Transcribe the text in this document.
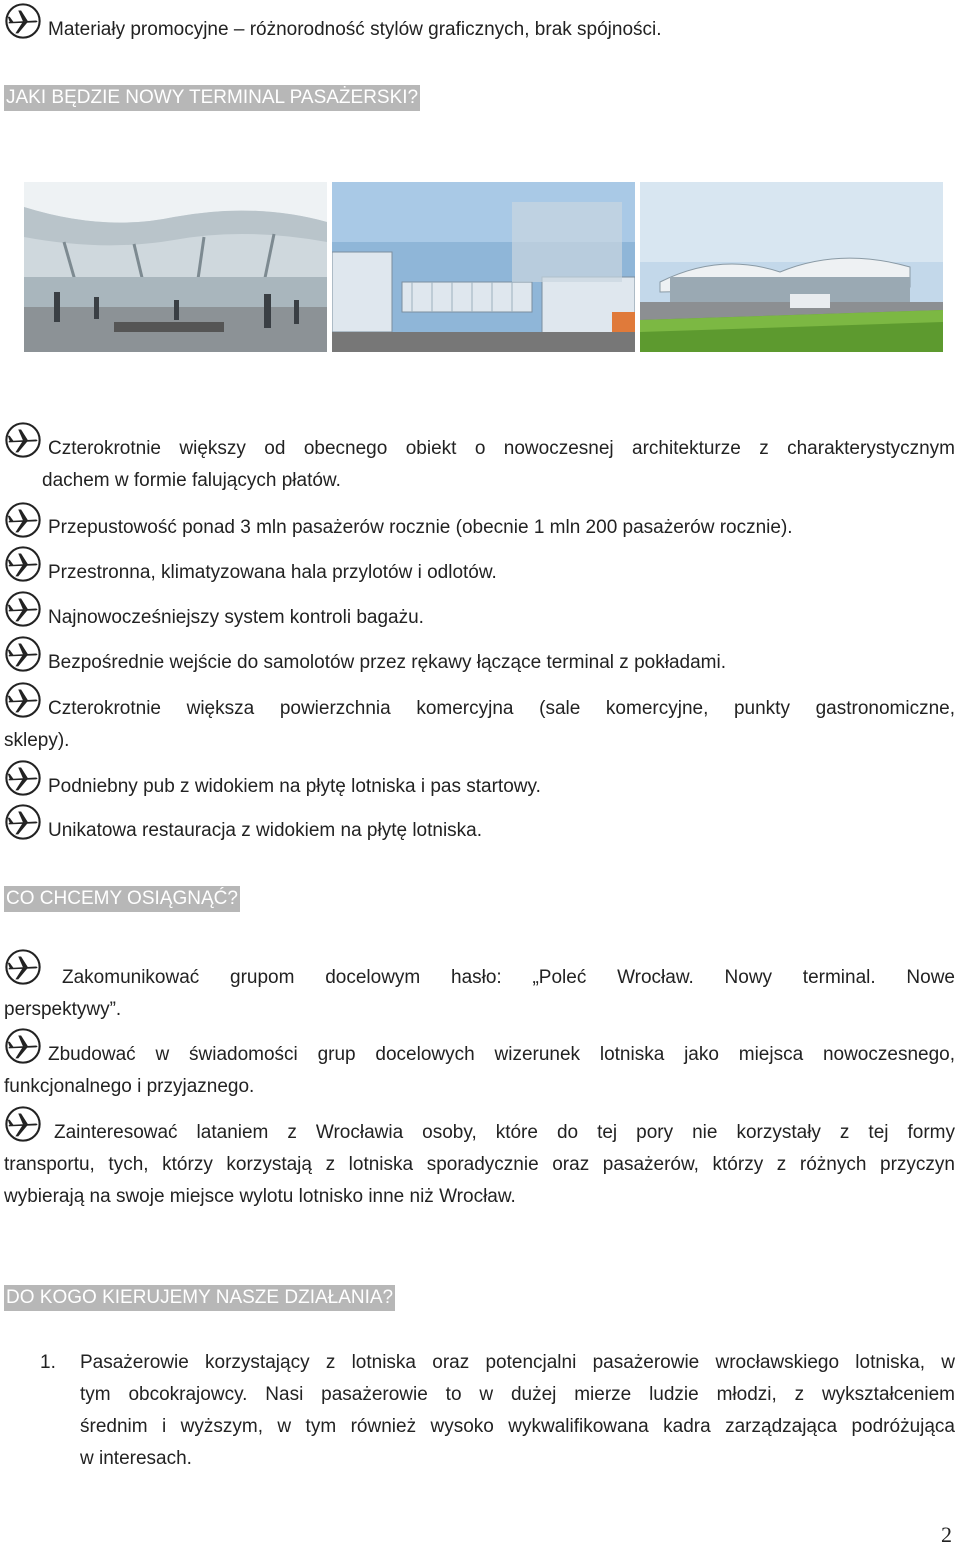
Materiały promocyjne – różnorodność stylów graficznych, brak spójności.
JAKI BĘDZIE NOWY TERMINAL PASAŻERSKI?
Czterokrotnie większy od obecnego obiekt o nowoczesnej architekturze z charakterystycznym
dachem w formie falujących płatów.
Przepustowość ponad 3 mln pasażerów rocznie (obecnie 1 mln 200 pasażerów rocznie).
Przestronna, klimatyzowana hala przylotów i odlotów.
Najnowocześniejszy system kontroli bagażu.
Bezpośrednie wejście do samolotów przez rękawy łączące terminal z pokładami.
Czterokrotnie większa powierzchnia komercyjna (sale komercyjne, punkty gastronomiczne,
sklepy).
Podniebny pub z widokiem na płytę lotniska i pas startowy.
Unikatowa restauracja z widokiem na płytę lotniska.
CO CHCEMY OSIĄGNĄĆ?
Zakomunikować grupom docelowym hasło: „Poleć Wrocław. Nowy terminal. Nowe
perspektywy”.
Zbudować w świadomości grup docelowych wizerunek lotniska jako miejsca nowoczesnego,
funkcjonalnego i przyjaznego.
Zainteresować lataniem z Wrocławia osoby, które do tej pory nie korzystały z tej formy
transportu, tych, którzy korzystają z lotniska sporadycznie oraz pasażerów, którzy z różnych przyczyn
wybierają na swoje miejsce wylotu lotnisko inne niż Wrocław.
DO KOGO KIERUJEMY NASZE DZIAŁANIA?
1. Pasażerowie korzystający z lotniska oraz potencjalni pasażerowie wrocławskiego lotniska, w
tym obcokrajowcy. Nasi pasażerowie to w dużej mierze ludzie młodzi, z wykształceniem
średnim i wyższym, w tym również wysoko wykwalifikowana kadra zarządzająca podróżująca
w interesach.
2
